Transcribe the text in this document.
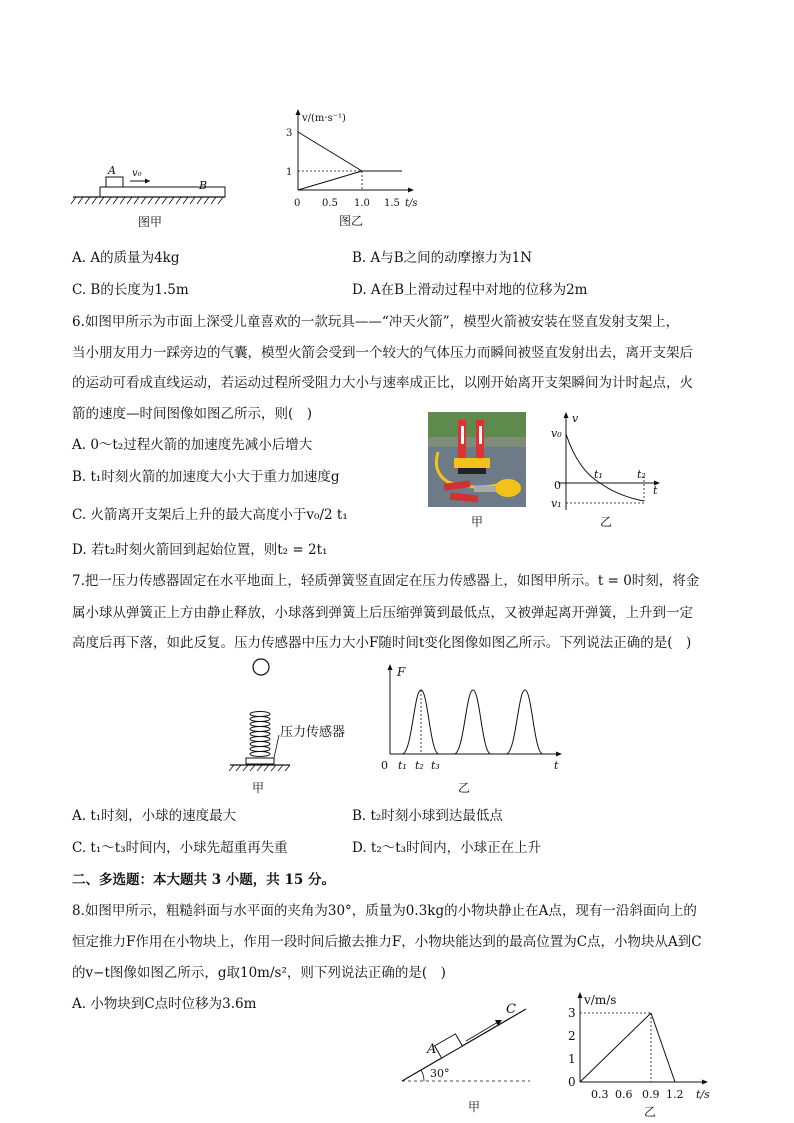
A v₀
B
图甲
v/(m·s⁻¹)
3
1
0 0.5 1.0 1.5 t/s
图乙
A. A的质量为4kg	B. A与B之间的动摩擦力为1N
C. B的长度为1.5m	D. A在B上滑动过程中对地的位移为2m
6.如图甲所示为市面上深受儿童喜欢的一款玩具——“冲天火箭”，模型火箭被安装在竖直发射支架上，
当小朋友用力一踩旁边的气囊，模型火箭会受到一个较大的气体压力而瞬间被竖直发射出去，离开支架后
的运动可看成直线运动，若运动过程所受阻力大小与速率成正比，以刚开始离开支架瞬间为计时起点，火
箭的速度—时间图像如图乙所示，则(　)
A. 0～t₂过程火箭的加速度先减小后增大
B. t₁时刻火箭的加速度大小大于重力加速度g
C. 火箭离开支架后上升的最大高度小于v₀/2 t₁
D. 若t₂时刻火箭回到起始位置，则t₂ = 2t₁
甲
v
v₀
0
t₁	t₂
t
v₁
乙
7.把一压力传感器固定在水平地面上，轻质弹簧竖直固定在压力传感器上，如图甲所示。t = 0时刻，将金
属小球从弹簧正上方由静止释放，小球落到弹簧上后压缩弹簧到最低点，又被弹起离开弹簧，上升到一定
高度后再下落，如此反复。压力传感器中压力大小F随时间t变化图像如图乙所示。下列说法正确的是(　)
压力传感器
甲
F
0 t₁ t₂ t₃	t
乙
A. t₁时刻，小球的速度最大	B. t₂时刻小球到达最低点
C. t₁～t₃时间内，小球先超重再失重	D. t₂～t₃时间内，小球正在上升
二、多选题：本大题共 3 小题，共 15 分。
8.如图甲所示，粗糙斜面与水平面的夹角为30°，质量为0.3kg的小物块静止在A点，现有一沿斜面向上的
恒定推力F作用在小物块上，作用一段时间后撤去推力F，小物块能达到的最高位置为C点，小物块从A到C
的v−t图像如图乙所示，g取10m/s²，则下列说法正确的是(　)
A. 小物块到C点时位移为3.6m	C
A
30°
甲
v/m/s
3
2
1
0
0.3 0.6 0.9 1.2 t/s
乙
